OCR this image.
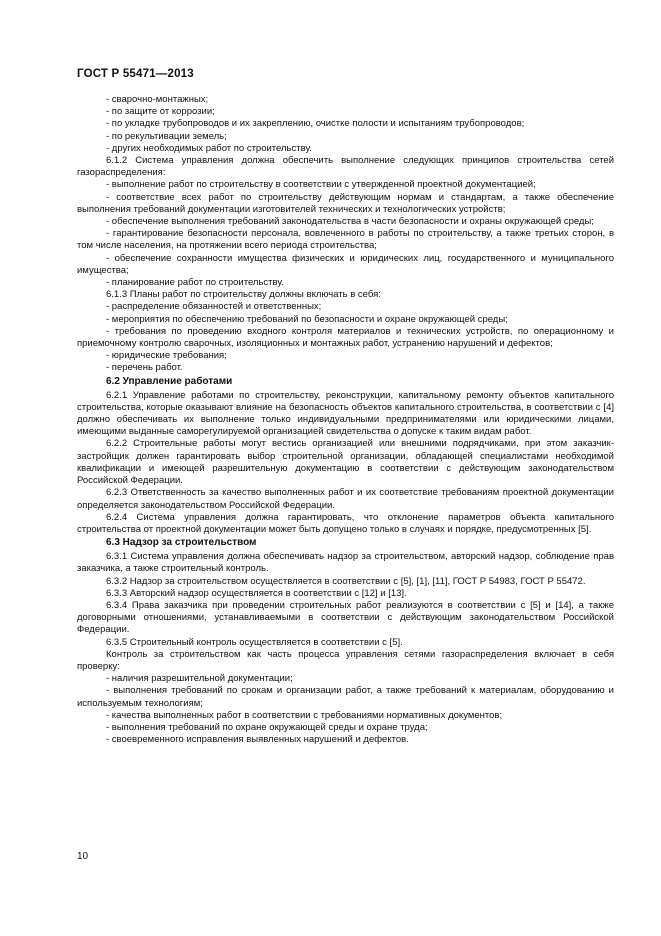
ГОСТ Р 55471—2013

- сварочно-монтажных;

- по защите от коррозии;

- по укладке трубопроводов и их закреплению, очистке полости и испытаниям трубопроводов;

- по рекультивации земель;

- других необходимых работ по строительству.

6.1.2 Система управления должна обеспечить выполнение следующих принципов строительства сетей газораспределения:

- выполнение работ по строительству в соответствии с утвержденной проектной документацией;

- соответствие всех работ по строительству действующим нормам и стандартам, а также обеспечение выполнения требований документации изготовителей технических и технологических устройств;

- обеспечение выполнения требований законодательства в части безопасности и охраны окружающей среды;

- гарантирование безопасности персонала, вовлеченного в работы по строительству, а также третьих сторон, в том числе населения, на протяжении всего периода строительства;

- обеспечение сохранности имущества физических и юридических лиц, государственного и муниципального имущества;

- планирование работ по строительству.

6.1.3 Планы работ по строительству должны включать в себя:

- распределение обязанностей и ответственных;

- мероприятия по обеспечению требований по безопасности и охране окружающей среды;

- требования по проведению входного контроля материалов и технических устройств, по операционному и приемочному контролю сварочных, изоляционных и монтажных работ, устранению нарушений и дефектов;

- юридические требования;

- перечень работ.

6.2 Управление работами

6.2.1 Управление работами по строительству, реконструкции, капитальному ремонту объектов капитального строительства, которые оказывают влияние на безопасность объектов капитального строительства, в соответствии с [4] должно обеспечивать их выполнение только индивидуальными предпринимателями или юридическими лицами, имеющими выданные саморегулируемой организацией свидетельства о допуске к таким видам работ.

6.2.2 Строительные работы могут вестись организацией или внешними подрядчиками, при этом заказчик-застройщик должен гарантировать выбор строительной организации, обладающей специалистами необходимой квалификации и имеющей разрешительную документацию в соответствии с действующим законодательством Российской Федерации.

6.2.3 Ответственность за качество выполненных работ и их соответствие требованиям проектной документации определяется законодательством Российской Федерации.

6.2.4 Система управления должна гарантировать, что отклонение параметров объекта капитального строительства от проектной документации может быть допущено только в случаях и порядке, предусмотренных [5].

6.3 Надзор за строительством

6.3.1 Система управления должна обеспечивать надзор за строительством, авторский надзор, соблюдение прав заказчика, а также строительный контроль.

6.3.2 Надзор за строительством осуществляется в соответствии с [5], [1], [11], ГОСТ Р 54983, ГОСТ Р 55472.

6.3.3 Авторский надзор осуществляется в соответствии с [12] и [13].

6.3.4 Права заказчика при проведении строительных работ реализуются в соответствии с [5] и [14], а также договорными отношениями, устанавливаемыми в соответствии с действующим законодательством Российской Федерации.

6.3.5 Строительный контроль осуществляется в соответствии с [5].

Контроль за строительством как часть процесса управления сетями газораспределения включает в себя проверку:

- наличия разрешительной документации;

- выполнения требований по срокам и организации работ, а также требований к материалам, оборудованию и используемым технологиям;

- качества выполненных работ в соответствии с требованиями нормативных документов;

- выполнения требований по охране окружающей среды и охране труда;

- своевременного исправления выявленных нарушений и дефектов.

10
